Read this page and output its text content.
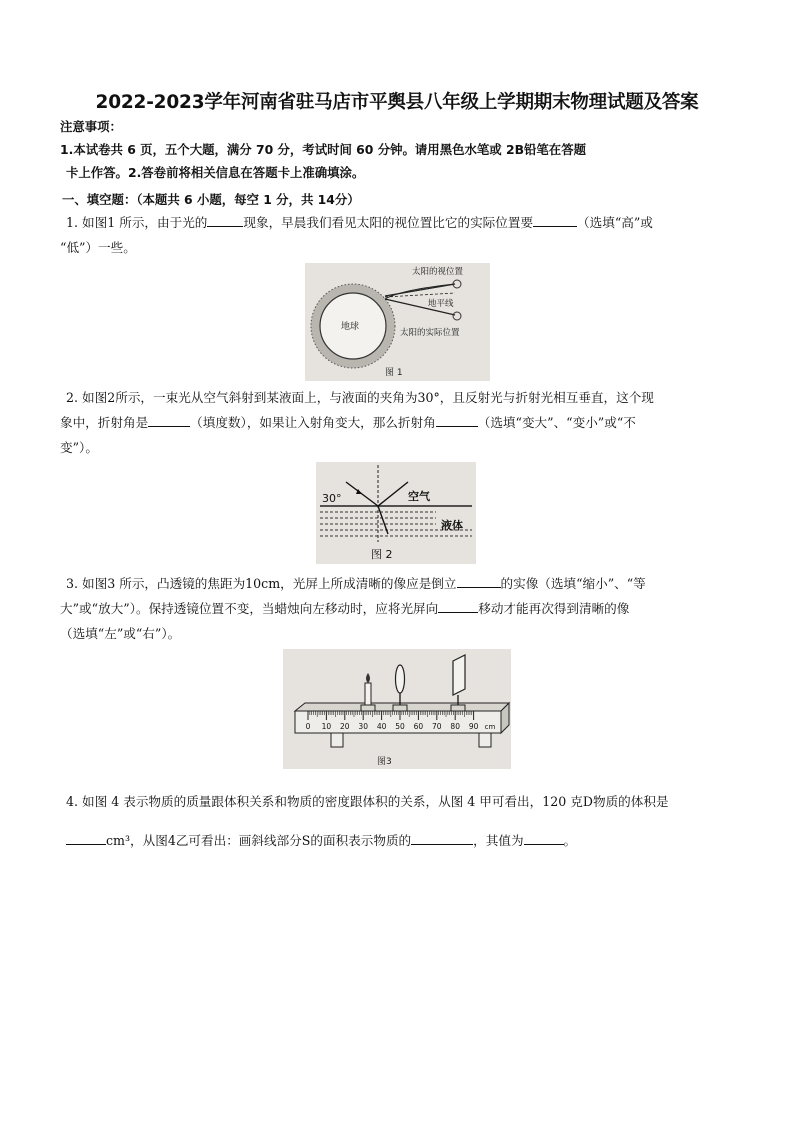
2022-2023学年河南省驻马店市平舆县八年级上学期期末物理试题及答案
注意事项：
1.本试卷共 6 页，五个大题，满分 70 分，考试时间 60 分钟。请用黑色水笔或 2B铅笔在答题
卡上作答。2.答卷前将相关信息在答题卡上准确填涂。
一、填空题：（本题共 6 小题，每空 1 分，共 14分）
1. 如图1 所示，由于光的	现象，早晨我们看见太阳的视位置比它的实际位置要	（选填“高”或
“低”）一些。
地球
太阳的视位置
地平线
太阳的实际位置
图 1
2. 如图2所示，一束光从空气斜射到某液面上，与液面的夹角为30°，且反射光与折射光相互垂直，这个现
象中，折射角是	（填度数），如果让入射角变大，那么折射角	（选填“变大”、“变小”或“不
变”）。
30°	空气
液体
图 2
3. 如图3 所示，凸透镜的焦距为10cm，光屏上所成清晰的像应是倒立	的实像（选填“缩小”、“等
大”或“放大”）。保持透镜位置不变，当蜡烛向左移动时，应将光屏向	移动才能再次得到清晰的像
（选填“左”或“右”）。
0 10 20 30 40 50 60 70 80 90 cm
图3
4. 如图 4 表示物质的质量跟体积关系和物质的密度跟体积的关系，从图 4 甲可看出，120 克D物质的体积是
cm³，从图4乙可看出：画斜线部分S的面积表示物质的	，其值为	。
